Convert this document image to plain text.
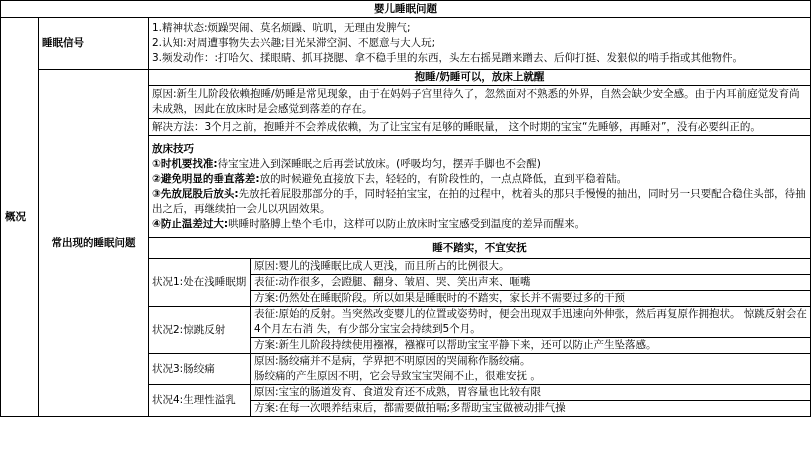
婴儿睡眠问题			
概况	睡眠信号	1.精神状态:烦躁哭闹、莫名烦躁、吭叽，无理由发脾气;
2.认知:对周遭事物失去兴趣;目光呆滞空洞、不愿意与大人玩;
3.频发动作：:打哈欠、揉眼睛、抓耳挠腮、拿不稳手里的东西，头左右摇晃蹭来蹭去、后仰打挺、发狠似的啃手指或其他物件。	

	常出现的睡眠问题	抱睡/奶睡可以，放床上就醒	
		原因:新生儿阶段依赖抱睡/奶睡是常见现象，由于在妈妈子宫里待久了，忽然面对不熟悉的外界，自然会缺少安全感。由于内耳前庭觉发育尚未成熟，因此在放床时是会感觉到落差的存在。	
		解决方法：3个月之前，抱睡并不会养成依赖，为了让宝宝有足够的睡眠量， 这个时期的宝宝“先睡够，再睡对”，没有必要纠正的。	

		放床技巧
①时机要找准:待宝宝进入到深睡眠之后再尝试放床。(呼吸均匀，摆弄手脚也不会醒)
②避免明显的垂直落差:放的时候避免直接放下去，轻轻的，有阶段性的，一点点降低，直到平稳着陆。
③先放屁股后放头:先放托着屁股那部分的手，同时轻拍宝宝，在拍的过程中，枕着头的那只手慢慢的抽出，同时另一只要配合稳住头部，待抽出之后，再继续拍一会儿以巩固效果。
④防止温差过大:哄睡时胳膊上垫个毛巾，这样可以防止放床时宝宝感受到温度的差异而醒来。	

		睡不踏实，不宜安抚	
		状况1:处在浅睡眠期	原因:婴儿的浅睡眠比成人更浅，而且所占的比例很大。
			表征:动作很多，会蹬腿、翻身、皱眉、哭、笑出声来、咂嘴
			方案:仍然处在睡眠阶段。所以如果是睡眠时的不踏实，家长并不需要过多的干预
		状况2:惊跳反射	表征:原始的反射。当突然改变婴儿的位置或姿势时，便会出现双手迅速向外伸张，然后再复原作拥抱状。 惊跳反射会在4个月左右消 失，有少部分宝宝会持续到5个月。
			方案:新生儿阶段持续使用襁褓，襁褓可以帮助宝宝平静下来，还可以防止产生坠落感。
		状况3:肠绞痛	原因:肠绞痛并不是病，学界把不明原因的哭闹称作肠绞痛。
肠绞痛的产生原因不明，它会导致宝宝哭闹不止，很难安抚 。

		状况4:生理性溢乳	原因:宝宝的肠道发育、食道发育还不成熟，胃容量也比较有限
			方案:在每一次喂养结束后，都需要做拍嗝;多帮助宝宝做被动排气操
